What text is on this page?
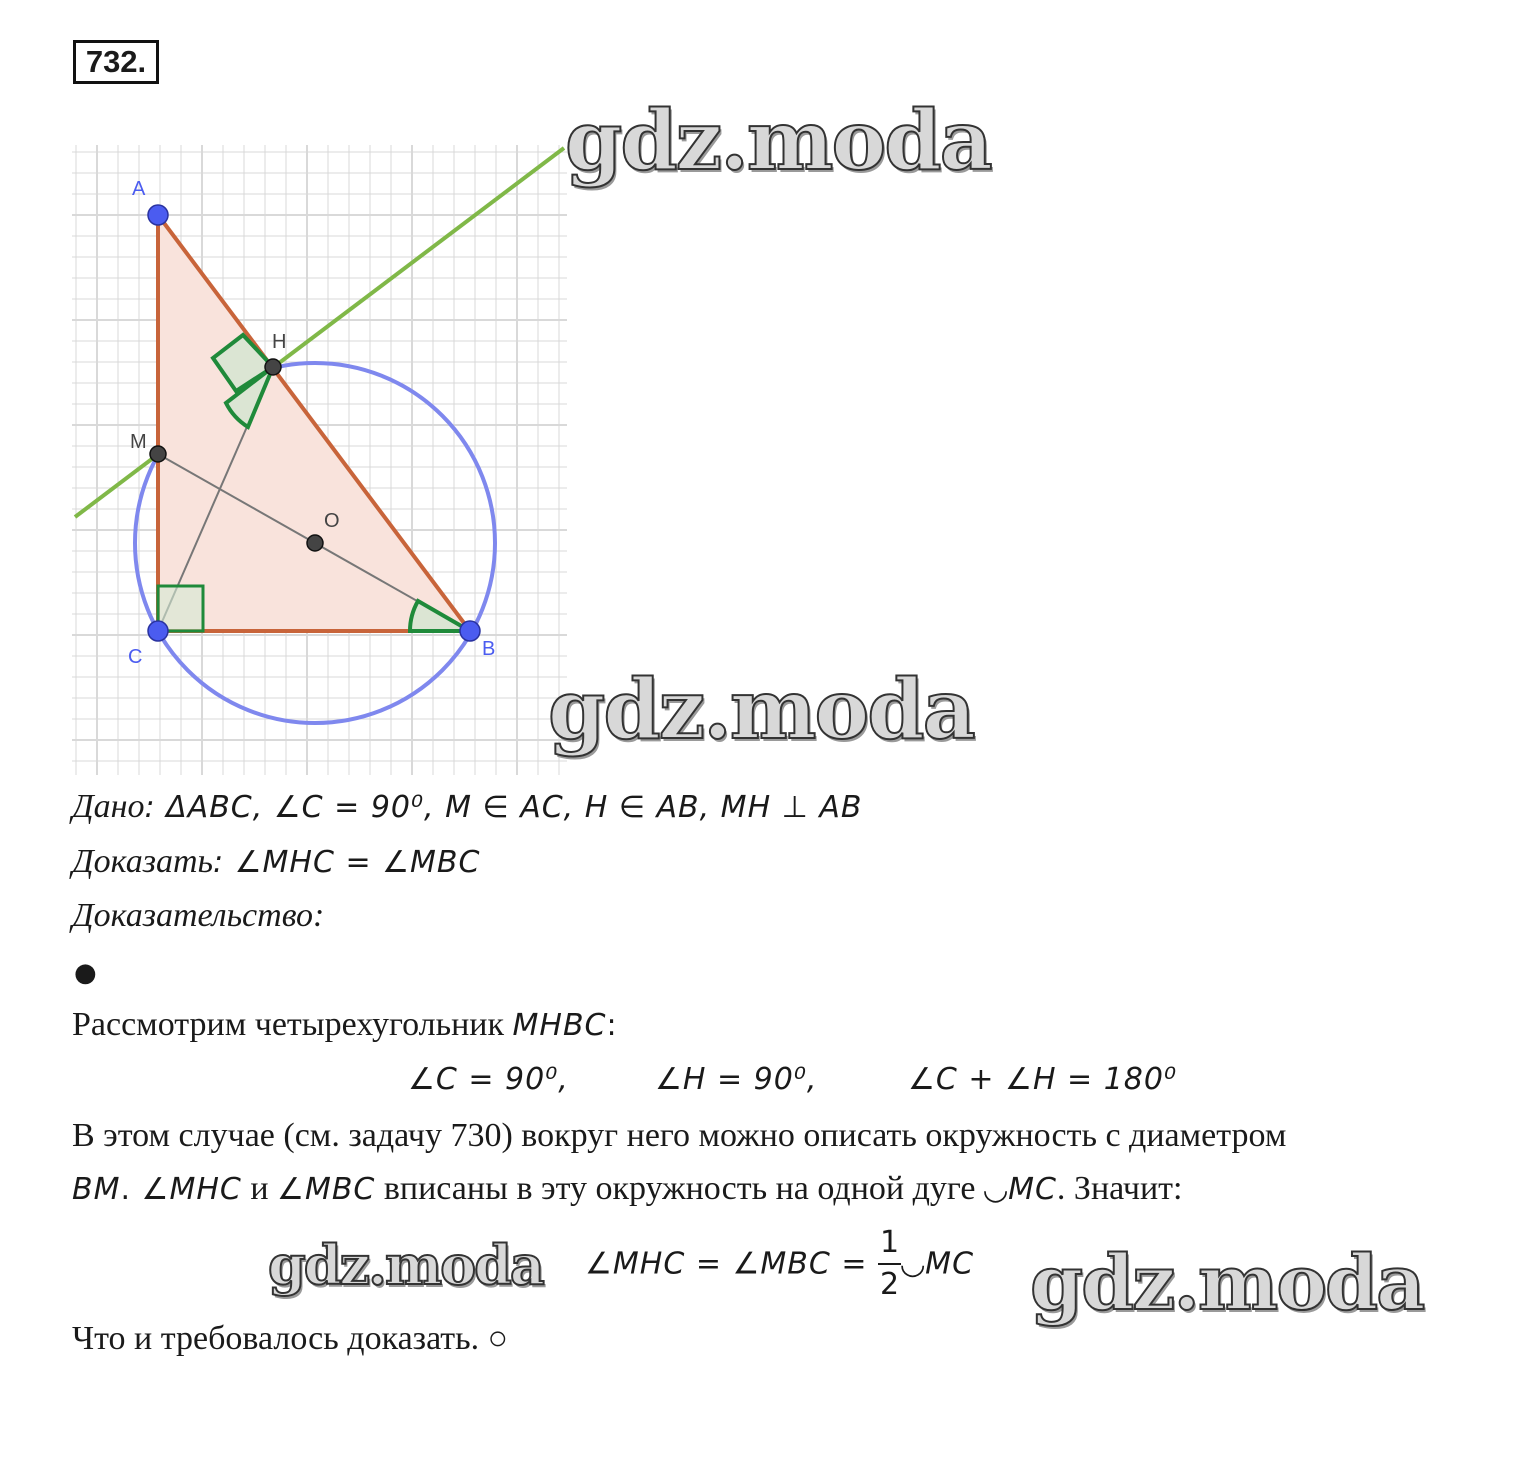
732.
gdz.moda
A
H
M
O
C	B
gdz.moda
Дано: ΔABC, ∠C = 90⁰, M ∈ AC, H ∈ AB, MH ⊥ AB
Доказать: ∠MHC = ∠MBC
Доказательство:
●
Рассмотрим четырехугольник MHBC:
∠C = 90⁰,	∠H = 90⁰,	∠C + ∠H = 180⁰
В этом случае (см. задачу 730) вокруг него можно описать окружность с диаметром
BM. ∠MHC и ∠MBC вписаны в эту окружность на одной дуге ◡MC. Значит:
gdz.moda ∠MHC = ∠MBC = $\frac{1}{2}$ ◡MC gdz.moda
Что и требовалось доказать. ○
